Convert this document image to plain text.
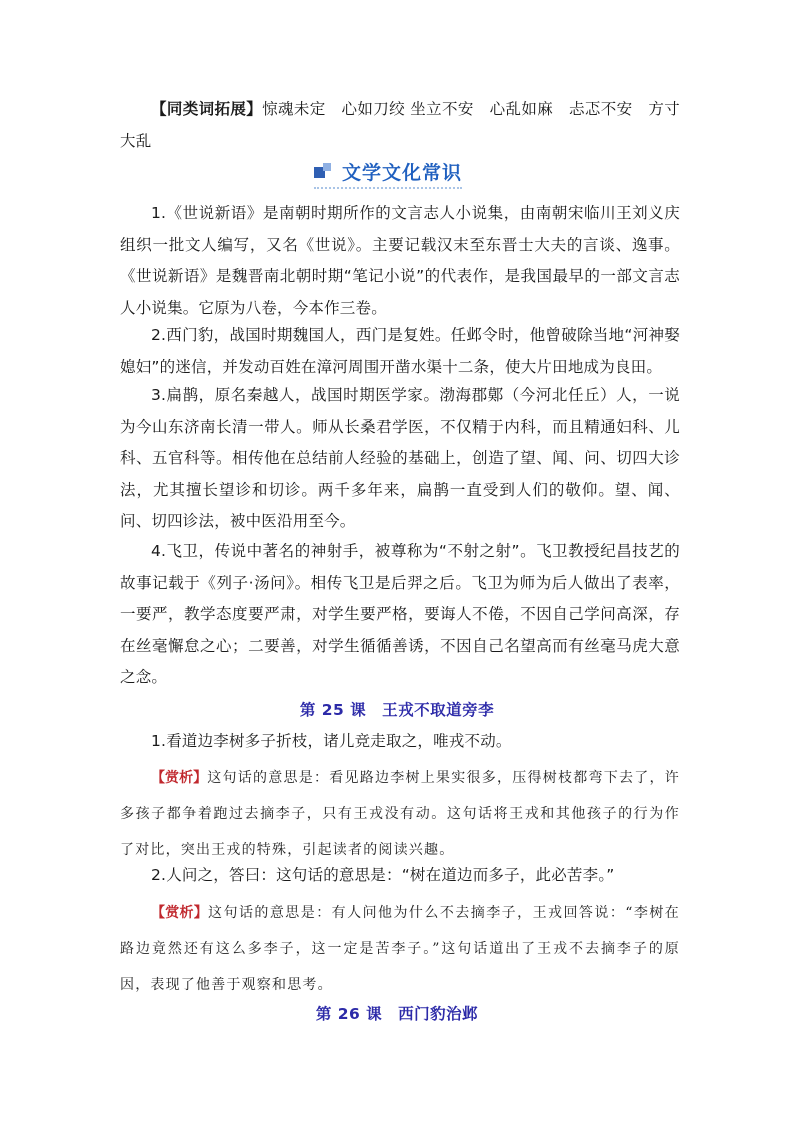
【同类词拓展】惊魂未定　心如刀绞 坐立不安　心乱如麻　忐忑不安　方寸大乱

文学文化常识

1.《世说新语》是南朝时期所作的文言志人小说集，由南朝宋临川王刘义庆组织一批文人编写，又名《世说》。主要记载汉末至东晋士大夫的言谈、逸事。《世说新语》是魏晋南北朝时期“笔记小说”的代表作，是我国最早的一部文言志人小说集。它原为八卷，今本作三卷。

2.西门豹，战国时期魏国人，西门是复姓。任邺令时，他曾破除当地“河神娶媳妇”的迷信，并发动百姓在漳河周围开凿水渠十二条，使大片田地成为良田。

3.扁鹊，原名秦越人，战国时期医学家。渤海郡鄚（今河北任丘）人，一说为今山东济南长清一带人。师从长桑君学医，不仅精于内科，而且精通妇科、儿科、五官科等。相传他在总结前人经验的基础上，创造了望、闻、问、切四大诊法，尤其擅长望诊和切诊。两千多年来，扁鹊一直受到人们的敬仰。望、闻、问、切四诊法，被中医沿用至今。

4.飞卫，传说中著名的神射手，被尊称为“不射之射”。飞卫教授纪昌技艺的故事记载于《列子·汤问》。相传飞卫是后羿之后。飞卫为师为后人做出了表率，一要严，教学态度要严肃，对学生要严格，要诲人不倦，不因自己学问高深，存在丝毫懈怠之心；二要善，对学生循循善诱，不因自己名望高而有丝毫马虎大意之念。

第 25 课　王戎不取道旁李

1.看道边李树多子折枝，诸儿竞走取之，唯戎不动。

【赏析】这句话的意思是：看见路边李树上果实很多，压得树枝都弯下去了，许多孩子都争着跑过去摘李子，只有王戎没有动。这句话将王戎和其他孩子的行为作了对比，突出王戎的特殊，引起读者的阅读兴趣。

2.人问之，答曰：这句话的意思是：“树在道边而多子，此必苦李。”

【赏析】这句话的意思是：有人问他为什么不去摘李子，王戎回答说：“李树在路边竟然还有这么多李子，这一定是苦李子。”这句话道出了王戎不去摘李子的原因，表现了他善于观察和思考。

第 26 课　西门豹治邺
